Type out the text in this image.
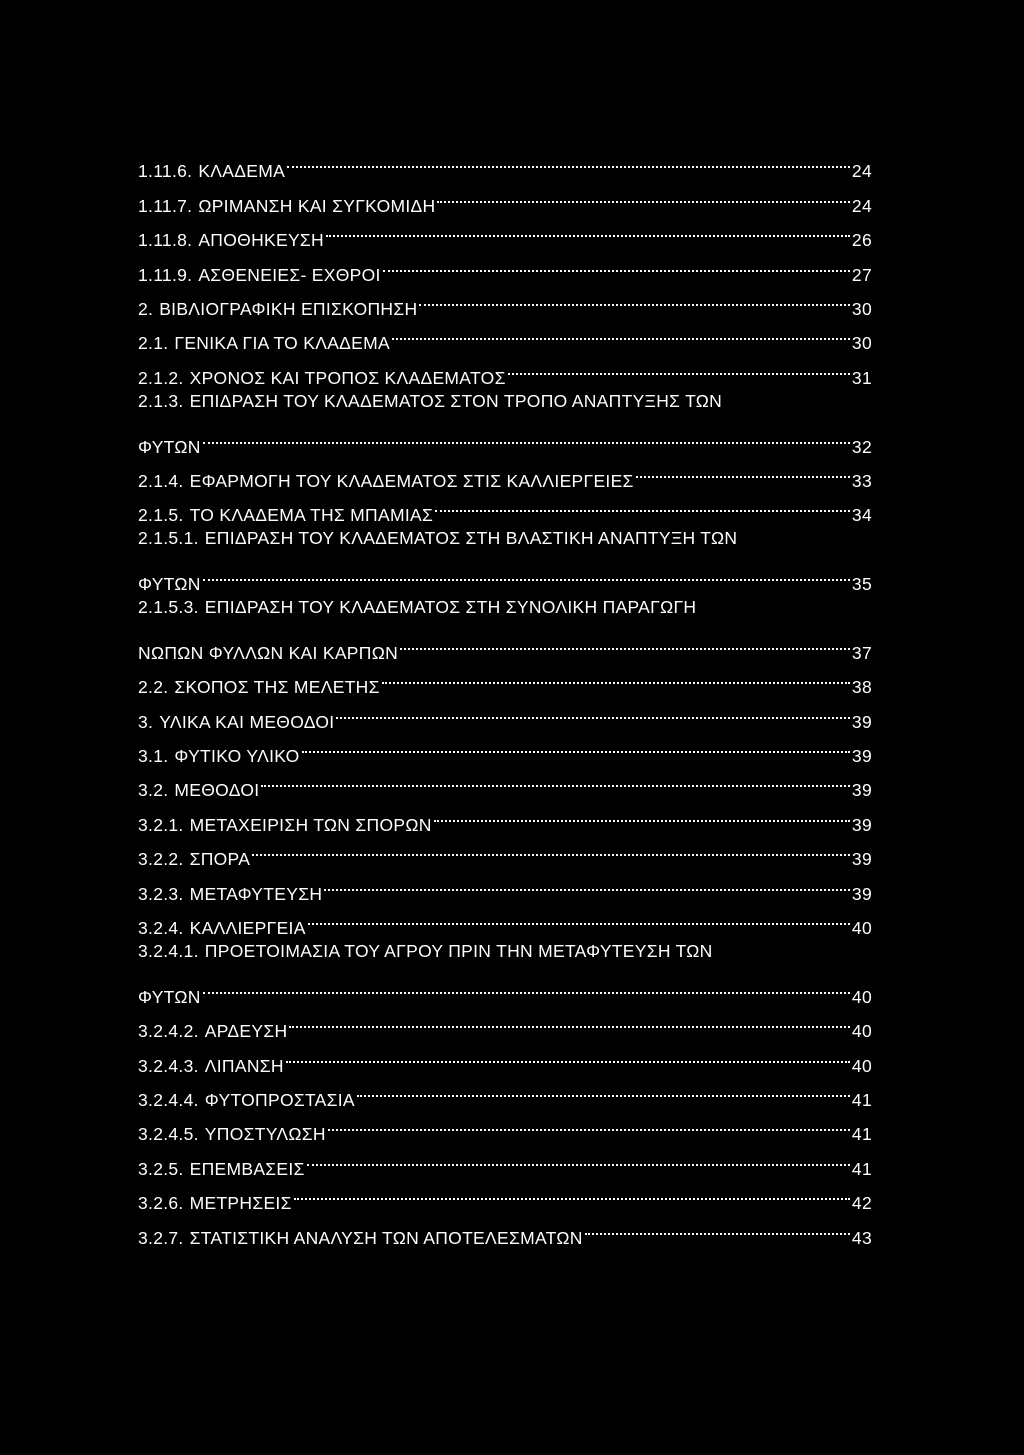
1.11.6. ΚΛΑΔΕΜΑ	24
1.11.7. ΩΡΙΜΑΝΣΗ ΚΑΙ ΣΥΓΚΟΜΙΔΗ	24
1.11.8. ΑΠΟΘΗΚΕΥΣΗ	26
1.11.9. ΑΣΘΕΝΕΙΕΣ- ΕΧΘΡΟΙ	27
2. ΒΙΒΛΙΟΓΡΑΦΙΚΗ ΕΠΙΣΚΟΠΗΣΗ	30
2.1. ΓΕΝΙΚΑ ΓΙΑ ΤΟ ΚΛΑΔΕΜΑ	30
2.1.2. ΧΡΟΝΟΣ ΚΑΙ ΤΡΟΠΟΣ ΚΛΑΔΕΜΑΤΟΣ	31
2.1.3. ΕΠΙΔΡΑΣΗ ΤΟΥ ΚΛΑΔΕΜΑΤΟΣ ΣΤΟΝ ΤΡΟΠΟ ΑΝΑΠΤΥΞΗΣ ΤΩΝ
ΦΥΤΩΝ	32
2.1.4. ΕΦΑΡΜΟΓΗ ΤΟΥ ΚΛΑΔΕΜΑΤΟΣ ΣΤΙΣ ΚΑΛΛΙΕΡΓΕΙΕΣ	33
2.1.5. ΤΟ ΚΛΑΔΕΜΑ ΤΗΣ ΜΠΑΜΙΑΣ	34
2.1.5.1. ΕΠΙΔΡΑΣΗ ΤΟΥ ΚΛΑΔΕΜΑΤΟΣ ΣΤΗ ΒΛΑΣΤΙΚΗ ΑΝΑΠΤΥΞΗ ΤΩΝ
ΦΥΤΩΝ	35
2.1.5.3. ΕΠΙΔΡΑΣΗ ΤΟΥ ΚΛΑΔΕΜΑΤΟΣ ΣΤΗ ΣΥΝΟΛΙΚΗ ΠΑΡΑΓΩΓΗ
ΝΩΠΩΝ ΦΥΛΛΩΝ ΚΑΙ ΚΑΡΠΩΝ	37
2.2. ΣΚΟΠΟΣ ΤΗΣ ΜΕΛΕΤΗΣ	38
3. ΥΛΙΚΑ ΚΑΙ ΜΕΘΟΔΟΙ	39
3.1. ΦΥΤΙΚΟ ΥΛΙΚΟ	39
3.2. ΜΕΘΟΔΟΙ	39
3.2.1. ΜΕΤΑΧΕΙΡΙΣΗ ΤΩΝ ΣΠΟΡΩΝ	39
3.2.2. ΣΠΟΡΑ	39
3.2.3. ΜΕΤΑΦΥΤΕΥΣΗ	39
3.2.4. ΚΑΛΛΙΕΡΓΕΙΑ	40
3.2.4.1. ΠΡΟΕΤΟΙΜΑΣΙΑ ΤΟΥ ΑΓΡΟΥ ΠΡΙΝ ΤΗΝ ΜΕΤΑΦΥΤΕΥΣΗ ΤΩΝ
ΦΥΤΩΝ	40
3.2.4.2. ΑΡΔΕΥΣΗ	40
3.2.4.3. ΛΙΠΑΝΣΗ	40
3.2.4.4. ΦΥΤΟΠΡΟΣΤΑΣΙΑ	41
3.2.4.5. ΥΠΟΣΤΥΛΩΣΗ	41
3.2.5. ΕΠΕΜΒΑΣΕΙΣ	41
3.2.6. ΜΕΤΡΗΣΕΙΣ	42
3.2.7. ΣΤΑΤΙΣΤΙΚΗ ΑΝΑΛΥΣΗ ΤΩΝ ΑΠΟΤΕΛΕΣΜΑΤΩΝ	43
